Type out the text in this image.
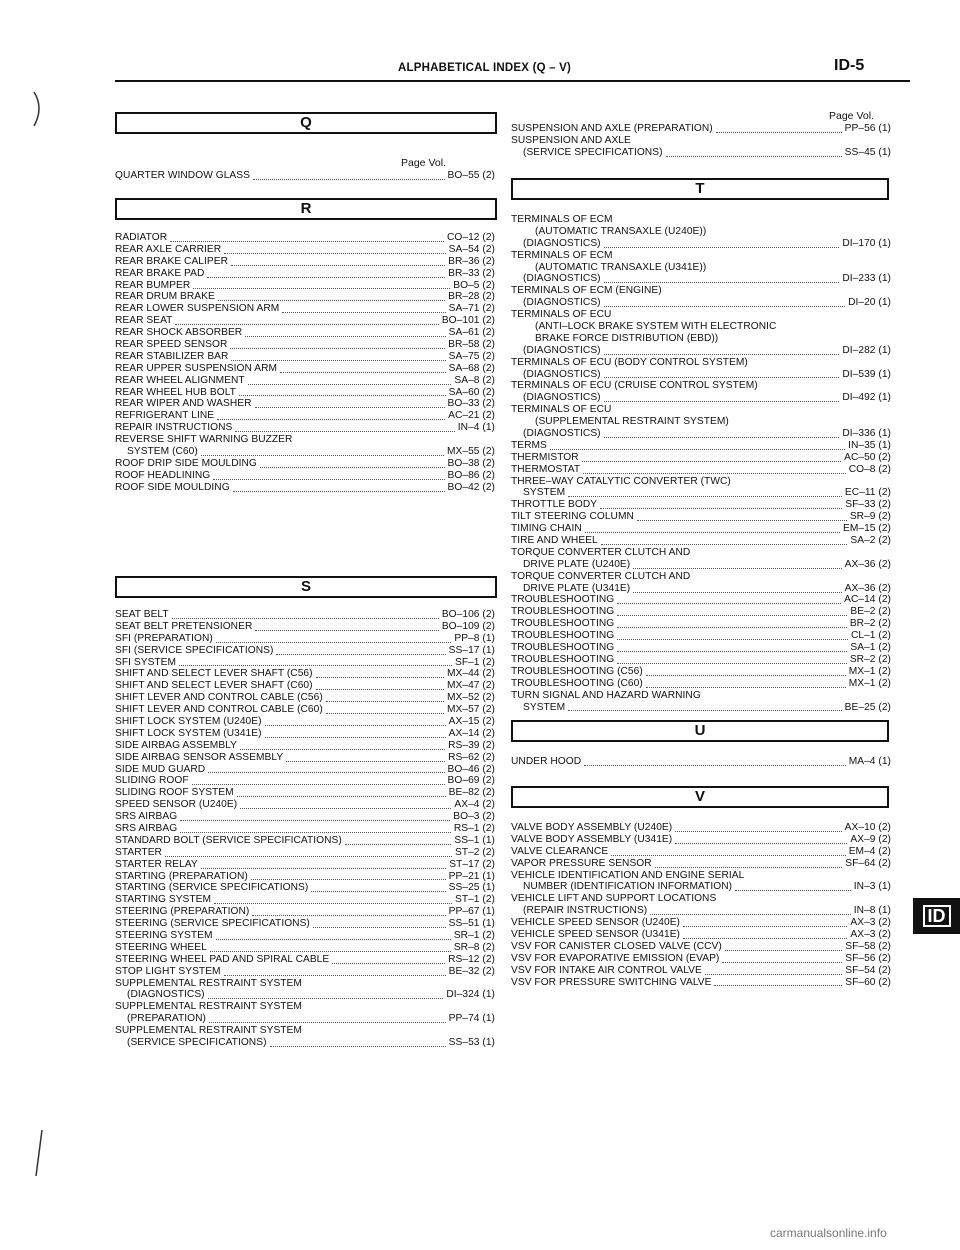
ALPHABETICAL INDEX (Q – V)	ID-5
Q
Page Vol.
QUARTER WINDOW GLASS	BO–55 (2)
R
RADIATOR	CO–12 (2)
REAR AXLE CARRIER	SA–54 (2)
REAR BRAKE CALIPER	BR–36 (2)
REAR BRAKE PAD	BR–33 (2)
REAR BUMPER	BO–5 (2)
REAR DRUM BRAKE	BR–28 (2)
REAR LOWER SUSPENSION ARM	SA–71 (2)
REAR SEAT	BO–101 (2)
REAR SHOCK ABSORBER	SA–61 (2)
REAR SPEED SENSOR	BR–58 (2)
REAR STABILIZER BAR	SA–75 (2)
REAR UPPER SUSPENSION ARM	SA–68 (2)
REAR WHEEL ALIGNMENT	SA–8 (2)
REAR WHEEL HUB BOLT	SA–60 (2)
REAR WIPER AND WASHER	BO–33 (2)
REFRIGERANT LINE	AC–21 (2)
REPAIR INSTRUCTIONS	IN–4 (1)
REVERSE SHIFT WARNING BUZZER
SYSTEM (C60)	MX–55 (2)
ROOF DRIP SIDE MOULDING	BO–38 (2)
ROOF HEADLINING	BO–86 (2)
ROOF SIDE MOULDING	BO–42 (2)
S
SEAT BELT	BO–106 (2)
SEAT BELT PRETENSIONER	BO–109 (2)
SFI (PREPARATION)	PP–8 (1)
SFI (SERVICE SPECIFICATIONS)	SS–17 (1)
SFI SYSTEM	SF–1 (2)
SHIFT AND SELECT LEVER SHAFT (C56)	MX–44 (2)
SHIFT AND SELECT LEVER SHAFT (C60)	MX–47 (2)
SHIFT LEVER AND CONTROL CABLE (C56)	MX–52 (2)
SHIFT LEVER AND CONTROL CABLE (C60)	MX–57 (2)
SHIFT LOCK SYSTEM (U240E)	AX–15 (2)
SHIFT LOCK SYSTEM (U341E)	AX–14 (2)
SIDE AIRBAG ASSEMBLY	RS–39 (2)
SIDE AIRBAG SENSOR ASSEMBLY	RS–62 (2)
SIDE MUD GUARD	BO–46 (2)
SLIDING ROOF	BO–69 (2)
SLIDING ROOF SYSTEM	BE–82 (2)
SPEED SENSOR (U240E)	AX–4 (2)
SRS AIRBAG	BO–3 (2)
SRS AIRBAG	RS–1 (2)
STANDARD BOLT (SERVICE SPECIFICATIONS)	SS–1 (1)
STARTER	ST–2 (2)
STARTER RELAY	ST–17 (2)
STARTING (PREPARATION)	PP–21 (1)
STARTING (SERVICE SPECIFICATIONS)	SS–25 (1)
STARTING SYSTEM	ST–1 (2)
STEERING (PREPARATION)	PP–67 (1)
STEERING (SERVICE SPECIFICATIONS)	SS–51 (1)
STEERING SYSTEM	SR–1 (2)
STEERING WHEEL	SR–8 (2)
STEERING WHEEL PAD AND SPIRAL CABLE	RS–12 (2)
STOP LIGHT SYSTEM	BE–32 (2)
SUPPLEMENTAL RESTRAINT SYSTEM
(DIAGNOSTICS)	DI–324 (1)
SUPPLEMENTAL RESTRAINT SYSTEM
(PREPARATION)	PP–74 (1)
SUPPLEMENTAL RESTRAINT SYSTEM
(SERVICE SPECIFICATIONS)	SS–53 (1)
Page Vol.
SUSPENSION AND AXLE (PREPARATION)	PP–56 (1)
SUSPENSION AND AXLE
(SERVICE SPECIFICATIONS)	SS–45 (1)
T
TERMINALS OF ECM
(AUTOMATIC TRANSAXLE (U240E))
(DIAGNOSTICS)	DI–170 (1)
TERMINALS OF ECM
(AUTOMATIC TRANSAXLE (U341E))
(DIAGNOSTICS)	DI–233 (1)
TERMINALS OF ECM (ENGINE)
(DIAGNOSTICS)	DI–20 (1)
TERMINALS OF ECU
(ANTI–LOCK BRAKE SYSTEM WITH ELECTRONIC
BRAKE FORCE DISTRIBUTION (EBD))
(DIAGNOSTICS)	DI–282 (1)
TERMINALS OF ECU (BODY CONTROL SYSTEM)
(DIAGNOSTICS)	DI–539 (1)
TERMINALS OF ECU (CRUISE CONTROL SYSTEM)
(DIAGNOSTICS)	DI–492 (1)
TERMINALS OF ECU
(SUPPLEMENTAL RESTRAINT SYSTEM)
(DIAGNOSTICS)	DI–336 (1)
TERMS	IN–35 (1)
THERMISTOR	AC–50 (2)
THERMOSTAT	CO–8 (2)
THREE–WAY CATALYTIC CONVERTER (TWC)
SYSTEM	EC–11 (2)
THROTTLE BODY	SF–33 (2)
TILT STEERING COLUMN	SR–9 (2)
TIMING CHAIN	EM–15 (2)
TIRE AND WHEEL	SA–2 (2)
TORQUE CONVERTER CLUTCH AND
DRIVE PLATE (U240E)	AX–36 (2)
TORQUE CONVERTER CLUTCH AND
DRIVE PLATE (U341E)	AX–36 (2)
TROUBLESHOOTING	AC–14 (2)
TROUBLESHOOTING	BE–2 (2)
TROUBLESHOOTING	BR–2 (2)
TROUBLESHOOTING	CL–1 (2)
TROUBLESHOOTING	SA–1 (2)
TROUBLESHOOTING	SR–2 (2)
TROUBLESHOOTING (C56)	MX–1 (2)
TROUBLESHOOTING (C60)	MX–1 (2)
TURN SIGNAL AND HAZARD WARNING
SYSTEM	BE–25 (2)
U
UNDER HOOD	MA–4 (1)
V
VALVE BODY ASSEMBLY (U240E)	AX–10 (2)
VALVE BODY ASSEMBLY (U341E)	AX–9 (2)
VALVE CLEARANCE	EM–4 (2)
VAPOR PRESSURE SENSOR	SF–64 (2)
VEHICLE IDENTIFICATION AND ENGINE SERIAL
NUMBER (IDENTIFICATION INFORMATION)	IN–3 (1)
VEHICLE LIFT AND SUPPORT LOCATIONS
(REPAIR INSTRUCTIONS)	IN–8 (1)
VEHICLE SPEED SENSOR (U240E)	AX–3 (2)
VEHICLE SPEED SENSOR (U341E)	AX–3 (2)
VSV FOR CANISTER CLOSED VALVE (CCV)	SF–58 (2)
VSV FOR EVAPORATIVE EMISSION (EVAP)	SF–56 (2)
VSV FOR INTAKE AIR CONTROL VALVE	SF–54 (2)
VSV FOR PRESSURE SWITCHING VALVE	SF–60 (2)
ID
carmanualsonline.info
